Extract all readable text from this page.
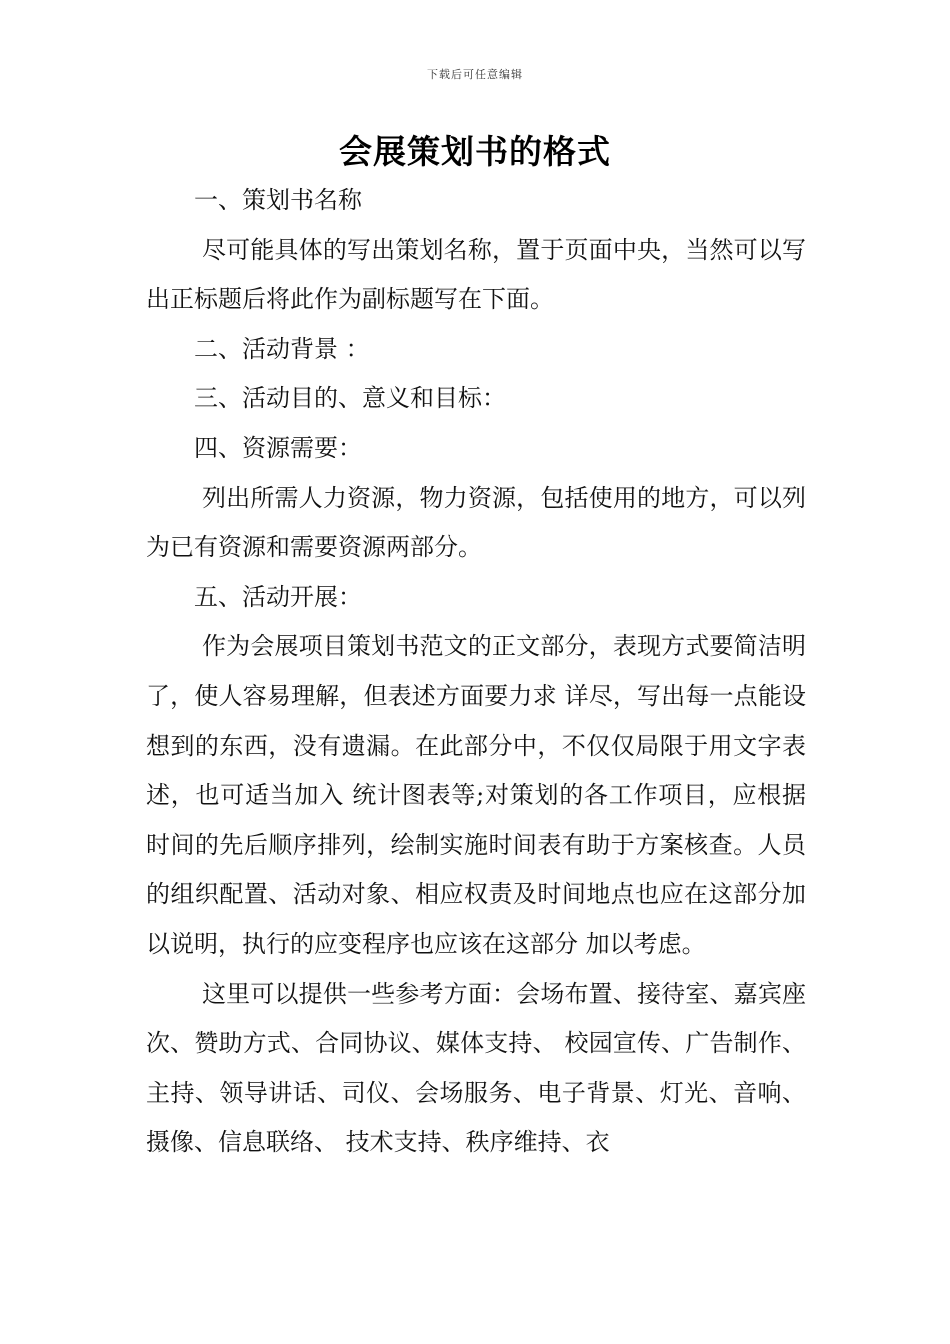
下载后可任意编辑
会展策划书的格式

一、策划书名称

尽可能具体的写出策划名称，置于页面中央，当然可以写出正标题后将此作为副标题写在下面。

二、活动背景 ：

三、活动目的、意义和目标：

四、资源需要：

列出所需人力资源，物力资源，包括使用的地方，可以列为已有资源和需要资源两部分。

五、活动开展：

作为会展项目策划书范文的正文部分，表现方式要简洁明了，使人容易理解，但表述方面要力求 详尽，写出每一点能设想到的东西，没有遗漏。在此部分中，不仅仅局限于用文字表述，也可适当加入 统计图表等;对策划的各工作项目，应根据时间的先后顺序排列，绘制实施时间表有助于方案核查。人员 的组织配置、活动对象、相应权责及时间地点也应在这部分加以说明，执行的应变程序也应该在这部分 加以考虑。

这里可以提供一些参考方面：会场布置、接待室、嘉宾座次、赞助方式、合同协议、媒体支持、 校园宣传、广告制作、主持、领导讲话、司仪、会场服务、电子背景、灯光、音响、摄像、信息联络、 技术支持、秩序维持、衣
